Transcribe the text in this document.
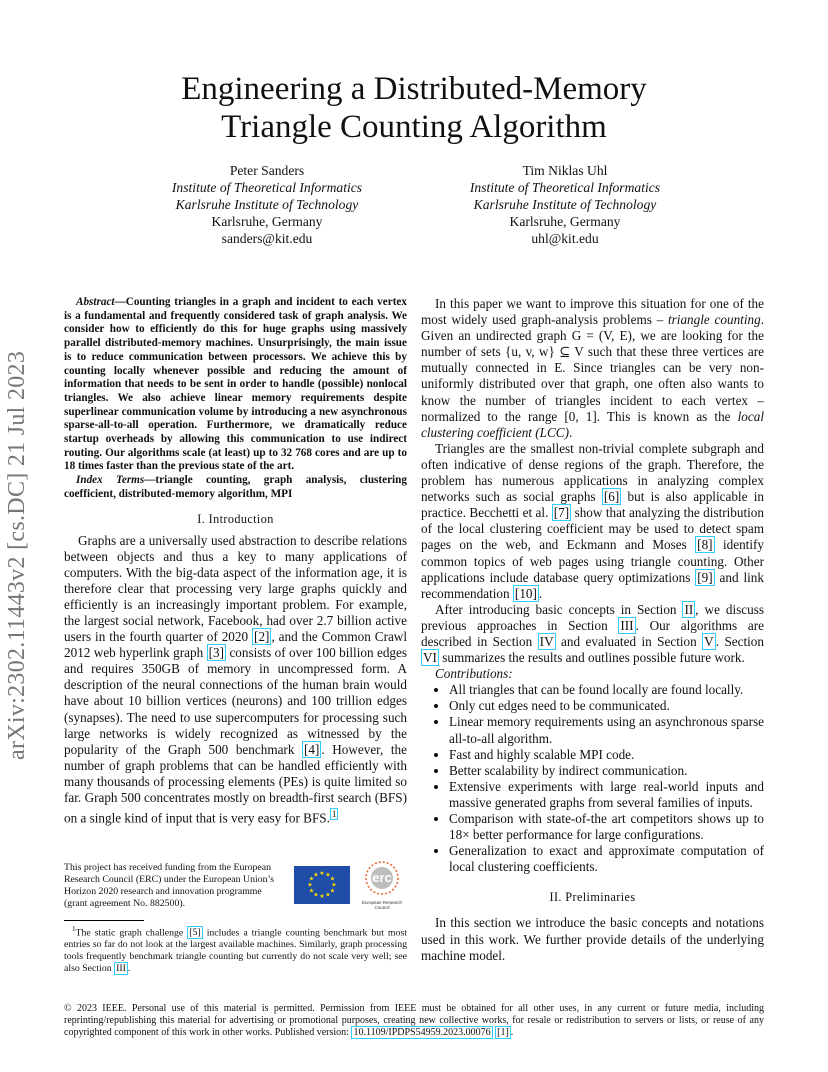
Engineering a Distributed-Memory
Triangle Counting Algorithm
Peter Sanders
Institute of Theoretical Informatics
Karlsruhe Institute of Technology
Karlsruhe, Germany
sanders@kit.edu
Tim Niklas Uhl
Institute of Theoretical Informatics
Karlsruhe Institute of Technology
Karlsruhe, Germany
uhl@kit.edu
arXiv:2302.11443v2 [cs.DC] 21 Jul 2023

Abstract—Counting triangles in a graph and incident to each vertex is a fundamental and frequently considered task of graph analysis. We consider how to efficiently do this for huge graphs using massively parallel distributed-memory machines. Unsurprisingly, the main issue is to reduce communication between processors. We achieve this by counting locally whenever possible and reducing the amount of information that needs to be sent in order to handle (possible) nonlocal triangles. We also achieve linear memory requirements despite superlinear communication volume by introducing a new asynchronous sparse-all-to-all operation. Furthermore, we dramatically reduce startup overheads by allowing this communication to use indirect routing. Our algorithms scale (at least) up to 32 768 cores and are up to 18 times faster than the previous state of the art.

Index Terms—triangle counting, graph analysis, clustering coefficient, distributed-memory algorithm, MPI

I. Introduction

Graphs are a universally used abstraction to describe relations between objects and thus a key to many applications of computers. With the big-data aspect of the information age, it is therefore clear that processing very large graphs quickly and efficiently is an increasingly important problem. For example, the largest social network, Facebook, had over 2.7 billion active users in the fourth quarter of 2020 [2] , and the Common Crawl 2012 web hyperlink graph [3] consists of over 100 billion edges and requires 350GB of memory in uncompressed form. A description of the neural connections of the human brain would have about 10 billion vertices (neurons) and 100 trillion edges (synapses). The need to use supercomputers for processing such large networks is widely recognized as witnessed by the popularity of the Graph 500 benchmark [4] . However, the number of graph problems that can be handled efficiently with many thousands of processing elements (PEs) is quite limited so far. Graph 500 concentrates mostly on breadth-first search (BFS) on a single kind of input that is very easy for BFS. $^1$

This project has received funding from the European Research Council (ERC) under the European Union’s Horizon 2020 research and innovation programme (grant agreement No. 882500).
★ ★
★
★
★
★
★
★
★
★
★
★	erc
European Research Council
$^1$The static graph challenge [5] includes a triangle counting benchmark but most entries so far do not look at the largest available machines. Similarly, graph processing tools frequently benchmark triangle counting but currently do not scale very well; see also Section III .

In this paper we want to improve this situation for one of the most widely used graph-analysis problems – triangle counting. Given an undirected graph G = (V, E), we are looking for the number of sets {u, v, w} ⊆ V such that these three vertices are mutually connected in E. Since triangles can be very non-uniformly distributed over that graph, one often also wants to know the number of triangles incident to each vertex – normalized to the range [0, 1]. This is known as the local clustering coefficient (LCC).

Triangles are the smallest non-trivial complete subgraph and often indicative of dense regions of the graph. Therefore, the problem has numerous applications in analyzing complex networks such as social graphs [6] but is also applicable in practice. Becchetti et al. [7] show that analyzing the distribution of the local clustering coefficient may be used to detect spam pages on the web, and Eckmann and Moses [8] identify common topics of web pages using triangle counting. Other applications include database query optimizations [9] and link recommendation [10] .

After introducing basic concepts in Section II , we discuss previous approaches in Section III . Our algorithms are described in Section IV and evaluated in Section V . Section VI summarizes the results and outlines possible future work.

Contributions:

• All triangles that can be found locally are found locally.
• Only cut edges need to be communicated.
• Linear memory requirements using an asynchronous sparse all-to-all algorithm.
• Fast and highly scalable MPI code.
• Better scalability by indirect communication.
• Extensive experiments with large real-world inputs and massive generated graphs from several families of inputs.
• Comparison with state-of-the art competitors shows up to 18× better performance for large configurations.
• Generalization to exact and approximate computation of local clustering coefficients.
II. Preliminaries

In this section we introduce the basic concepts and notations used in this work. We further provide details of the underlying machine model.

© 2023 IEEE. Personal use of this material is permitted. Permission from IEEE must be obtained for all other uses, in any current or future media, including reprinting/republishing this material for advertising or promotional purposes, creating new collective works, for resale or redistribution to servers or lists, or reuse of any copyrighted component of this work in other works. Published version: 10.1109/IPDPS54959.2023.00076 [1] .
